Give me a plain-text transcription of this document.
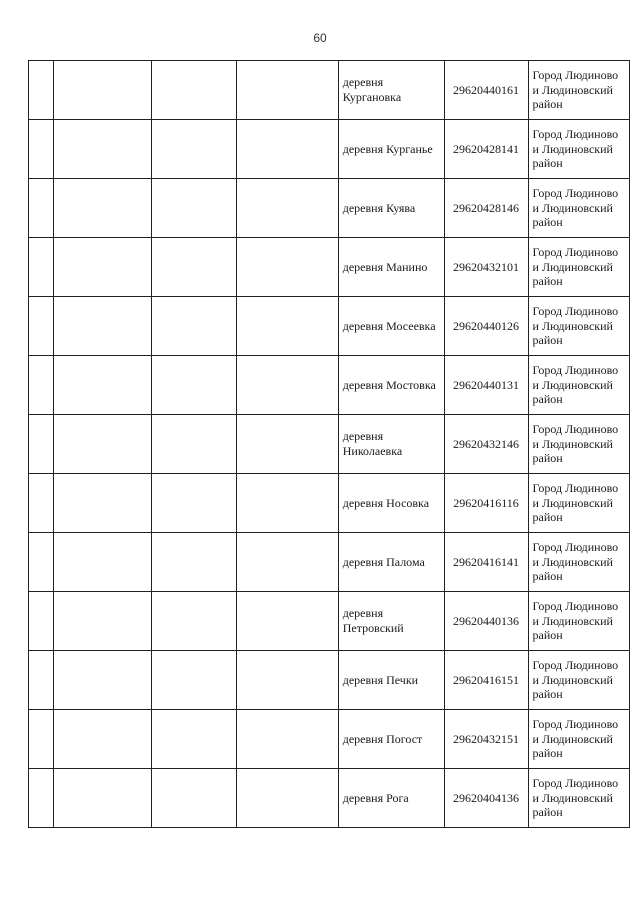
60
				деревня Кургановка	29620440161	Город Людиново и Людиновский район
				деревня Курганье	29620428141	Город Людиново и Людиновский район
				деревня Куява	29620428146	Город Людиново и Людиновский район
				деревня Манино	29620432101	Город Людиново и Людиновский район
				деревня Мосеевка	29620440126	Город Людиново и Людиновский район
				деревня Мостовка	29620440131	Город Людиново и Людиновский район
				деревня Николаевка	29620432146	Город Людиново и Людиновский район
				деревня Носовка	29620416116	Город Людиново и Людиновский район
				деревня Палома	29620416141	Город Людиново и Людиновский район
				деревня Петровский	29620440136	Город Людиново и Людиновский район
				деревня Печки	29620416151	Город Людиново и Людиновский район
				деревня Погост	29620432151	Город Людиново и Людиновский район
				деревня Рога	29620404136	Город Людиново и Людиновский район
